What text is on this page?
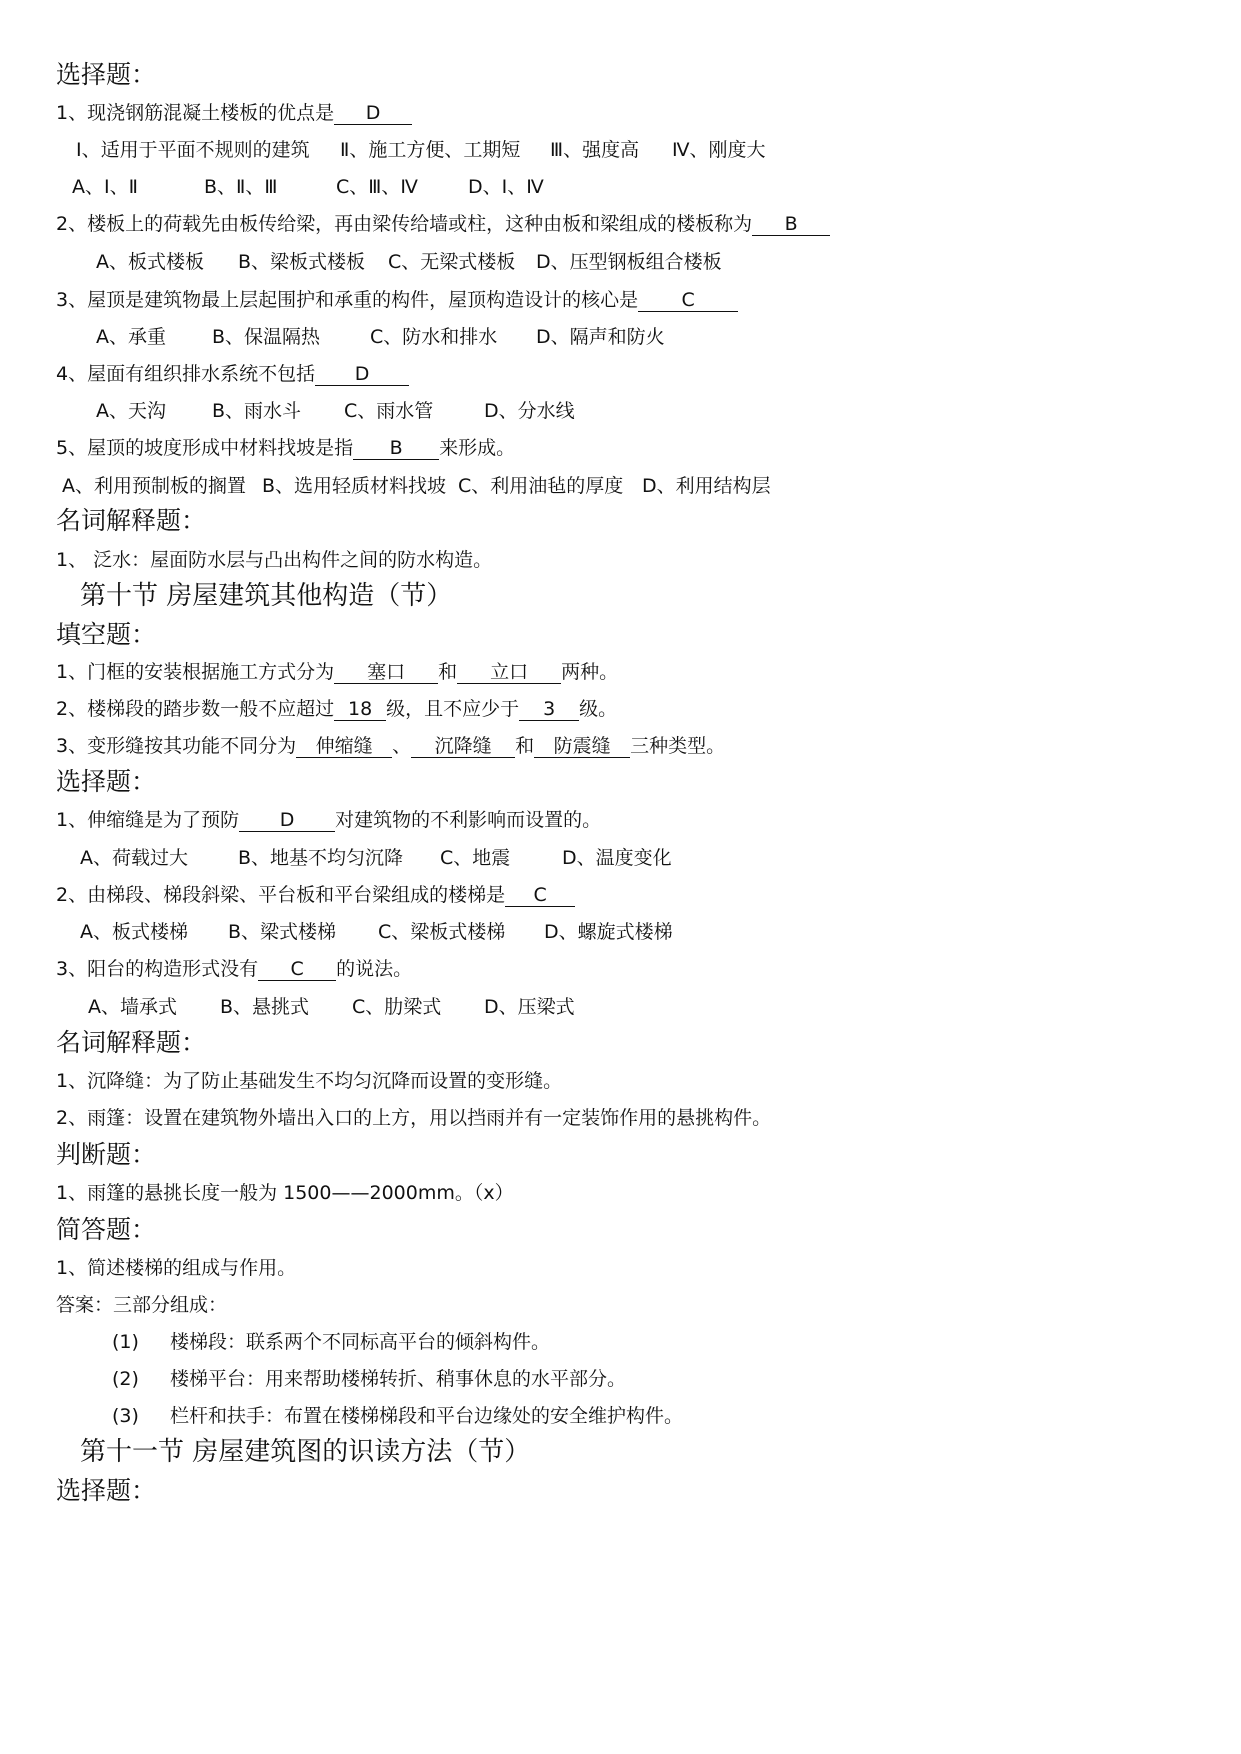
选择题：
1、现浇钢筋混凝土楼板的优点是 D
Ⅰ、适用于平面不规则的建筑 Ⅱ、施工方便、工期短 Ⅲ、强度高 Ⅳ、刚度大
A、Ⅰ、Ⅱ	B、Ⅱ、Ⅲ	C、Ⅲ、Ⅳ	D、Ⅰ、Ⅳ
2、楼板上的荷载先由板传给梁，再由梁传给墙或柱，这种由板和梁组成的楼板称为 B
A、板式楼板 B、梁板式楼板 C、无梁式楼板 D、压型钢板组合楼板
3、屋顶是建筑物最上层起围护和承重的构件，屋顶构造设计的核心是 C
A、承重 B、保温隔热	C、防水和排水 D、隔声和防火
4、屋面有组织排水系统不包括 D
A、天沟 B、雨水斗 C、雨水管	D、分水线
5、屋顶的坡度形成中材料找坡是指 B 来形成。
A、利用预制板的搁置 B、选用轻质材料找坡 C、利用油毡的厚度 D、利用结构层
名词解释题：
1、 泛水：屋面防水层与凸出构件之间的防水构造。
第十节 房屋建筑其他构造（节）
填空题：
1、门框的安装根据施工方式分为 塞口 和 立口 两种。
2、楼梯段的踏步数一般不应超过 18 级，且不应少于 3 级。
3、变形缝按其功能不同分为 伸缩缝 、 沉降缝 和 防震缝 三种类型。
选择题：
1、伸缩缝是为了预防 D 对建筑物的不利影响而设置的。
A、荷载过大	B、地基不均匀沉降 C、地震	D、温度变化
2、由梯段、梯段斜梁、平台板和平台梁组成的楼梯是 C
A、板式楼梯 B、梁式楼梯 C、梁板式楼梯 D、螺旋式楼梯
3、阳台的构造形式没有 C 的说法。
A、墙承式 B、悬挑式 C、肋梁式 D、压梁式
名词解释题：
1、沉降缝：为了防止基础发生不均匀沉降而设置的变形缝。
2、雨篷：设置在建筑物外墙出入口的上方，用以挡雨并有一定装饰作用的悬挑构件。
判断题：
1、雨篷的悬挑长度一般为 1500——2000mm。（ⅹ）
简答题：
1、简述楼梯的组成与作用。
答案：三部分组成：
(1) 楼梯段：联系两个不同标高平台的倾斜构件。
(2) 楼梯平台：用来帮助楼梯转折、稍事休息的水平部分。
(3) 栏杆和扶手：布置在楼梯梯段和平台边缘处的安全维护构件。
第十一节 房屋建筑图的识读方法（节）
选择题：
